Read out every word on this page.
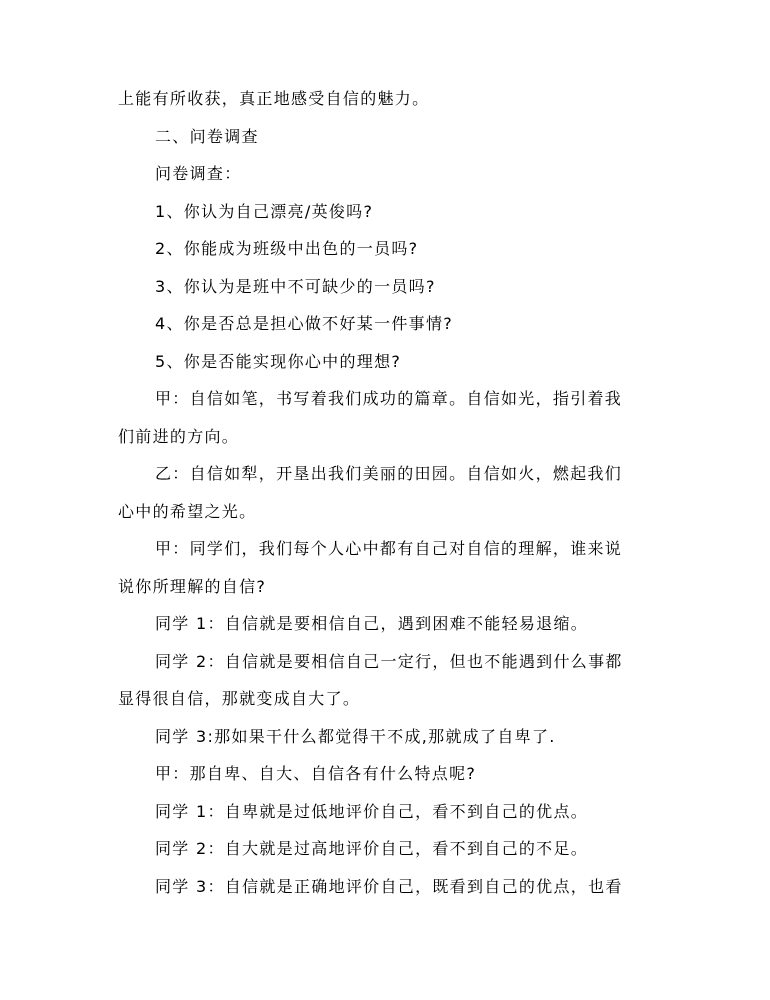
上能有所收获，真正地感受自信的魅力。
二、问卷调查
问卷调查：
1、你认为自己漂亮/英俊吗?
2、你能成为班级中出色的一员吗?
3、你认为是班中不可缺少的一员吗?
4、你是否总是担心做不好某一件事情?
5、你是否能实现你心中的理想?
甲：自信如笔，书写着我们成功的篇章。自信如光，指引着我
们前进的方向。
乙：自信如犁，开垦出我们美丽的田园。自信如火，燃起我们
心中的希望之光。
甲：同学们，我们每个人心中都有自己对自信的理解，谁来说
说你所理解的自信?
同学 1：自信就是要相信自己，遇到困难不能轻易退缩。
同学 2：自信就是要相信自己一定行，但也不能遇到什么事都
显得很自信，那就变成自大了。
同学 3:那如果干什么都觉得干不成,那就成了自卑了.
甲：那自卑、自大、自信各有什么特点呢?
同学 1：自卑就是过低地评价自己，看不到自己的优点。
同学 2：自大就是过高地评价自己，看不到自己的不足。
同学 3：自信就是正确地评价自己，既看到自己的优点，也看
